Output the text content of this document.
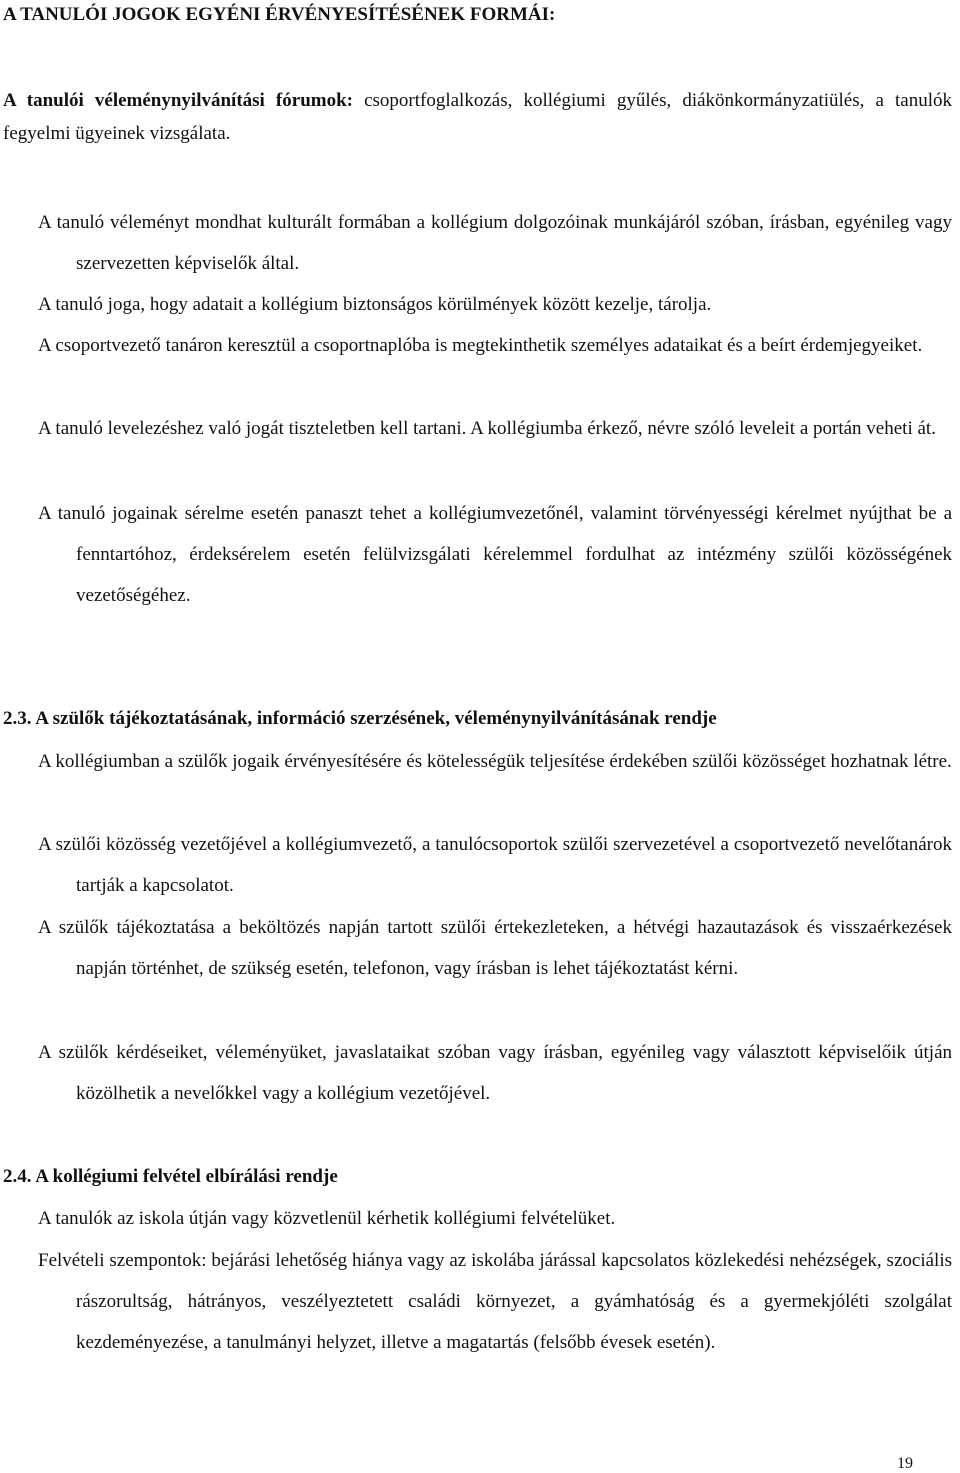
A TANULÓI JOGOK EGYÉNI ÉRVÉNYESÍTÉSÉNEK FORMÁI:
A tanulói véleménynyilvánítási fórumok: csoportfoglalkozás, kollégiumi gyűlés, diákönkormányzatiülés, a tanulók fegyelmi ügyeinek vizsgálata.
A tanuló véleményt mondhat kulturált formában a kollégium dolgozóinak munkájáról szóban, írásban, egyénileg vagy szervezetten képviselők által.
A tanuló joga, hogy adatait a kollégium biztonságos körülmények között kezelje, tárolja.
A csoportvezető tanáron keresztül a csoportnaplóba is megtekinthetik személyes adataikat és a beírt érdemjegyeiket.
A tanuló levelezéshez való jogát tiszteletben kell tartani. A kollégiumba érkező, névre szóló leveleit a portán veheti át.
A tanuló jogainak sérelme esetén panaszt tehet a kollégiumvezetőnél, valamint törvényességi kérelmet nyújthat be a fenntartóhoz, érdeksérelem esetén felülvizsgálati kérelemmel fordulhat az intézmény szülői közösségének vezetőségéhez.
2.3. A szülők tájékoztatásának, információ szerzésének, véleménynyilvánításának rendje
A kollégiumban a szülők jogaik érvényesítésére és kötelességük teljesítése érdekében szülői közösséget hozhatnak létre.
A szülői közösség vezetőjével a kollégiumvezető, a tanulócsoportok szülői szervezetével a csoportvezető nevelőtanárok tartják a kapcsolatot.
A szülők tájékoztatása a beköltözés napján tartott szülői értekezleteken, a hétvégi hazautazások és visszaérkezések napján történhet, de szükség esetén, telefonon, vagy írásban is lehet tájékoztatást kérni.
A szülők kérdéseiket, véleményüket, javaslataikat szóban vagy írásban, egyénileg vagy választott képviselőik útján közölhetik a nevelőkkel vagy a kollégium vezetőjével.
2.4. A kollégiumi felvétel elbírálási rendje
A tanulók az iskola útján vagy közvetlenül kérhetik kollégiumi felvételüket.
Felvételi szempontok: bejárási lehetőség hiánya vagy az iskolába járással kapcsolatos közlekedési nehézségek, szociális rászorultság, hátrányos, veszélyeztetett családi környezet, a gyámhatóság és a gyermekjóléti szolgálat kezdeményezése, a tanulmányi helyzet, illetve a magatartás (felsőbb évesek esetén).
19
